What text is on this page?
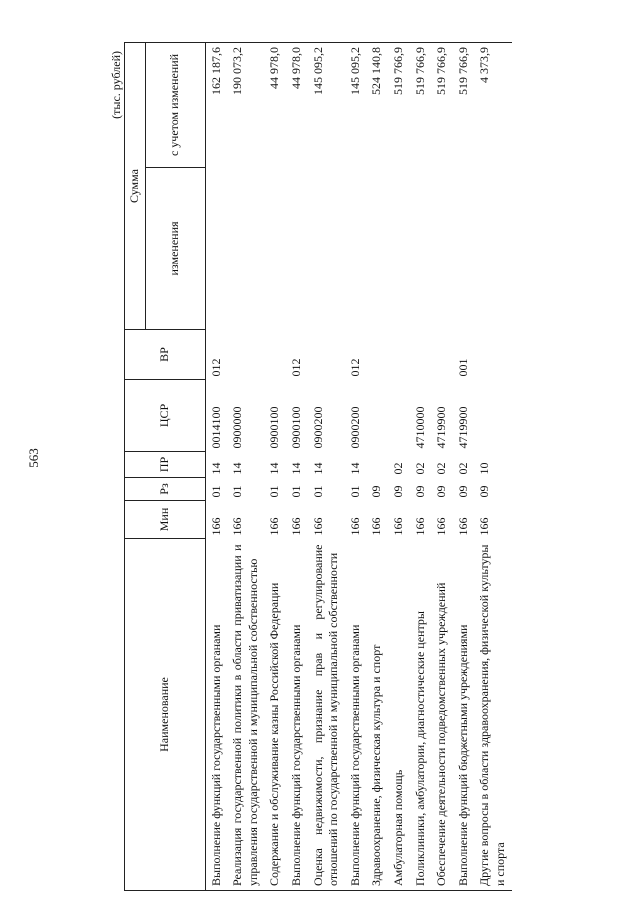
563
(тыс. рублей)
Наименование	Мин	Рз	ПР	ЦСР	ВР	Сумма	
						изменения	с учетом изменений
Выполнение функций государственными органами	166	01	14	0014100	012		162 187,6
Реализация государственной политики в области приватизации и управления государственной и муниципальной собственностью	166	01	14	0900000			190 073,2
Содержание и обслуживание казны Российской Федерации	166	01	14	0900100			44 978,0
Выполнение функций государственными органами	166	01	14	0900100	012		44 978,0
Оценка недвижимости, признание прав и регулирование отношений по государственной и муниципальной собственности	166	01	14	0900200			145 095,2
Выполнение функций государственными органами	166	01	14	0900200	012		145 095,2
Здравоохранение, физическая культура и спорт	166	09					524 140,8
Амбулаторная помощь	166	09	02				519 766,9
Поликлиники, амбулатории, диагностические центры	166	09	02	4710000			519 766,9
Обеспечение деятельности подведомственных учреждений	166	09	02	4719900			519 766,9
Выполнение функций бюджетными учреждениями	166	09	02	4719900	001		519 766,9
Другие вопросы в области здравоохранения, физической культуры и спорта	166	09	10				4 373,9
